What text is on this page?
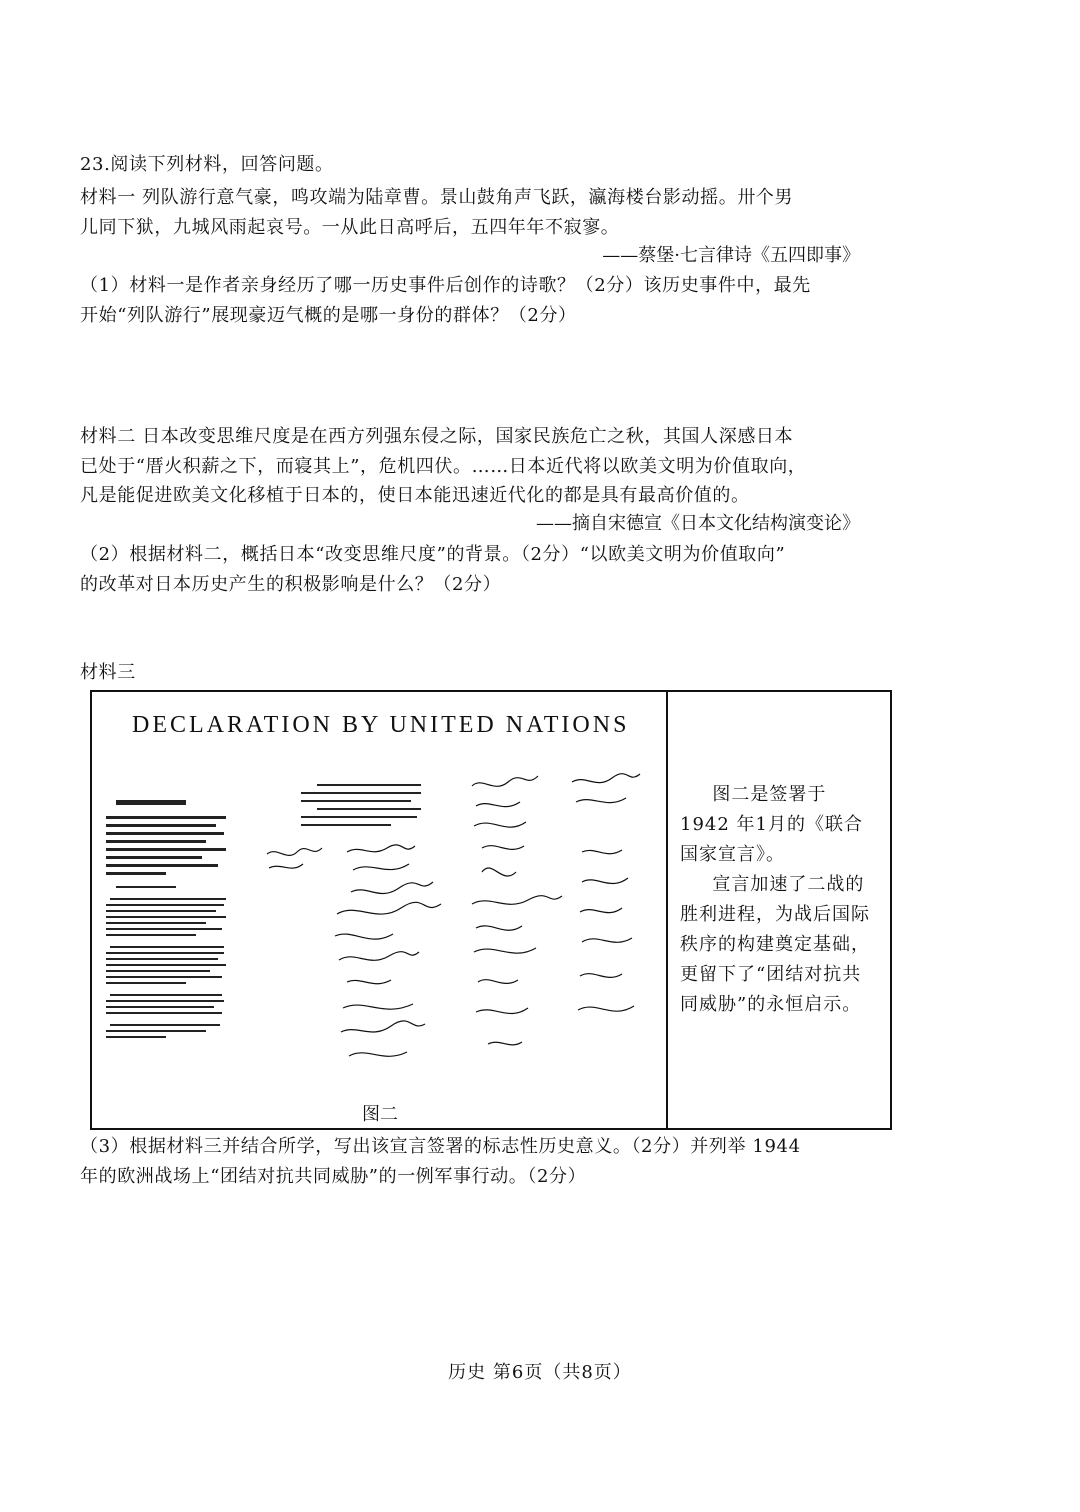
23.阅读下列材料，回答问题。
材料一 列队游行意气豪，鸣攻端为陆章曹。景山鼓角声飞跃，瀛海楼台影动摇。卅个男
儿同下狱，九城风雨起哀号。一从此日高呼后，五四年年不寂寥。
——蔡堡·七言律诗《五四即事》
（1）材料一是作者亲身经历了哪一历史事件后创作的诗歌？（2分）该历史事件中，最先
开始“列队游行”展现豪迈气概的是哪一身份的群体？（2分）
材料二 日本改变思维尺度是在西方列强东侵之际，国家民族危亡之秋，其国人深感日本
已处于“厝火积薪之下，而寝其上”，危机四伏。……日本近代将以欧美文明为价值取向，
凡是能促进欧美文化移植于日本的，使日本能迅速近代化的都是具有最高价值的。
——摘自宋德宣《日本文化结构演变论》
（2）根据材料二，概括日本“改变思维尺度”的背景。（2分）“以欧美文明为价值取向”
的改革对日本历史产生的积极影响是什么？（2分）
材料三
DECLARATION BY UNITED NATIONS
图二

图二是签署于 1942 年1月的《联合国家宣言》。

宣言加速了二战的胜利进程，为战后国际秩序的构建奠定基础，更留下了“团结对抗共同威胁”的永恒启示。

（3）根据材料三并结合所学，写出该宣言签署的标志性历史意义。（2分）并列举 1944
年的欧洲战场上“团结对抗共同威胁”的一例军事行动。（2分）
历史 第6页（共8页）
